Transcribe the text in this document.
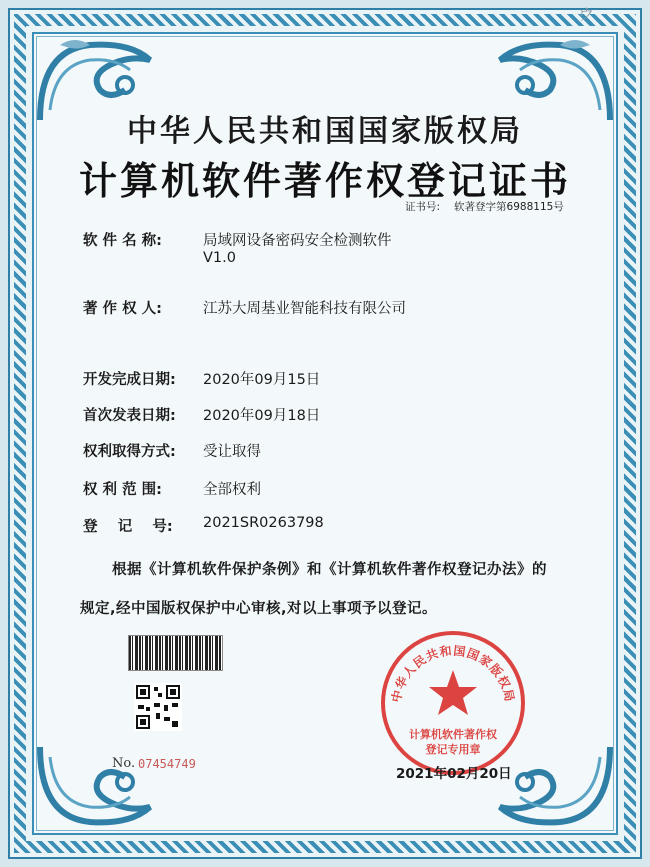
ウ
中华人民共和国国家版权局
计算机软件著作权登记证书
证书号: 软著登字第6988115号
软 件 名 称:	局域网设备密码安全检测软件
V1.0
著 作 权 人:	江苏大周基业智能科技有限公司
开发完成日期: 2020年09月15日
首次发表日期: 2020年09月18日
权利取得方式: 受让取得
权 利 范 围:	全部权利
登    记    号: 2021SR0263798
根据《计算机软件保护条例》和《计算机软件著作权登记办法》的
规定,经中国版权保护中心审核,对以上事项予以登记。
No. 07454749
中华人民共和国国家版权局
计算机软件著作权
登记专用章
2021年02月20日
